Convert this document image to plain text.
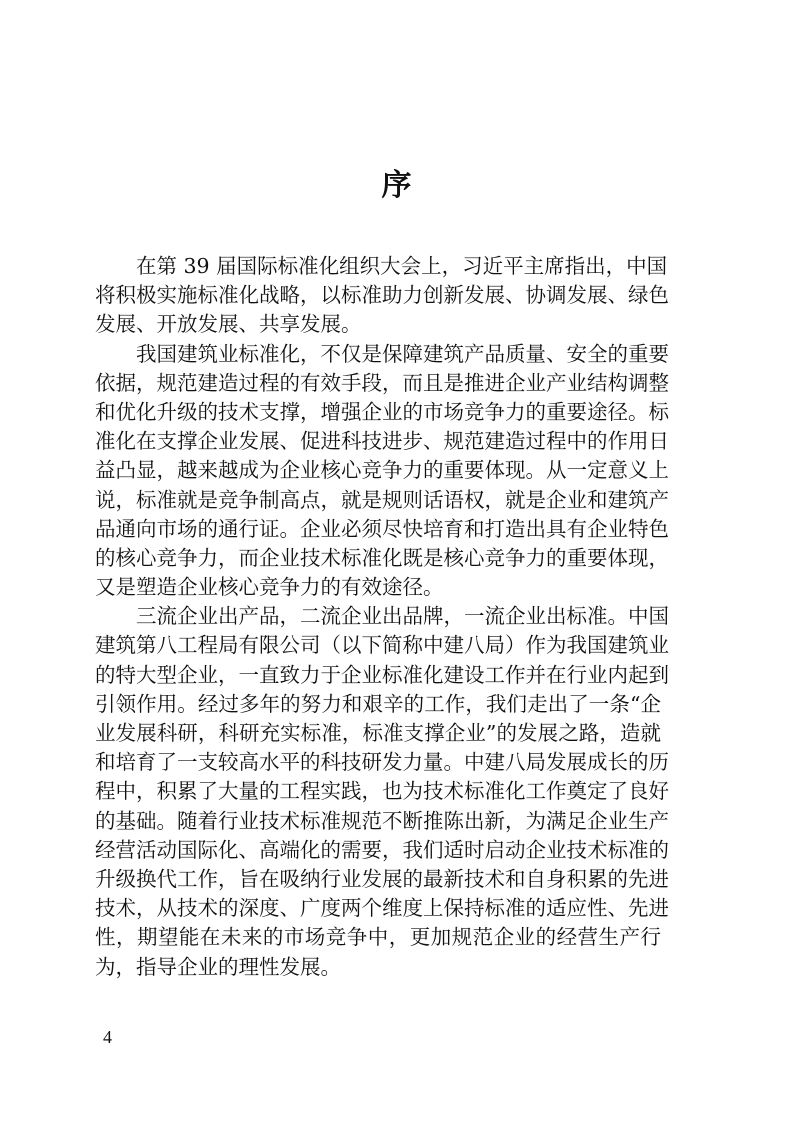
序
在第 39 届国际标准化组织大会上，习近平主席指出，中国
将积极实施标准化战略，以标准助力创新发展、协调发展、绿色
发展、开放发展、共享发展。
我国建筑业标准化，不仅是保障建筑产品质量、安全的重要
依据，规范建造过程的有效手段，而且是推进企业产业结构调整
和优化升级的技术支撑，增强企业的市场竞争力的重要途径。标
准化在支撑企业发展、促进科技进步、规范建造过程中的作用日
益凸显，越来越成为企业核心竞争力的重要体现。从一定意义上
说，标准就是竞争制高点，就是规则话语权，就是企业和建筑产
品通向市场的通行证。企业必须尽快培育和打造出具有企业特色
的核心竞争力，而企业技术标准化既是核心竞争力的重要体现，
又是塑造企业核心竞争力的有效途径。
三流企业出产品，二流企业出品牌，一流企业出标准。中国
建筑第八工程局有限公司（以下简称中建八局）作为我国建筑业
的特大型企业，一直致力于企业标准化建设工作并在行业内起到
引领作用。经过多年的努力和艰辛的工作，我们走出了一条“企
业发展科研，科研充实标准，标准支撑企业”的发展之路，造就
和培育了一支较高水平的科技研发力量。中建八局发展成长的历
程中，积累了大量的工程实践，也为技术标准化工作奠定了良好
的基础。随着行业技术标准规范不断推陈出新，为满足企业生产
经营活动国际化、高端化的需要，我们适时启动企业技术标准的
升级换代工作，旨在吸纳行业发展的最新技术和自身积累的先进
技术，从技术的深度、广度两个维度上保持标准的适应性、先进
性，期望能在未来的市场竞争中，更加规范企业的经营生产行
为，指导企业的理性发展。
4
